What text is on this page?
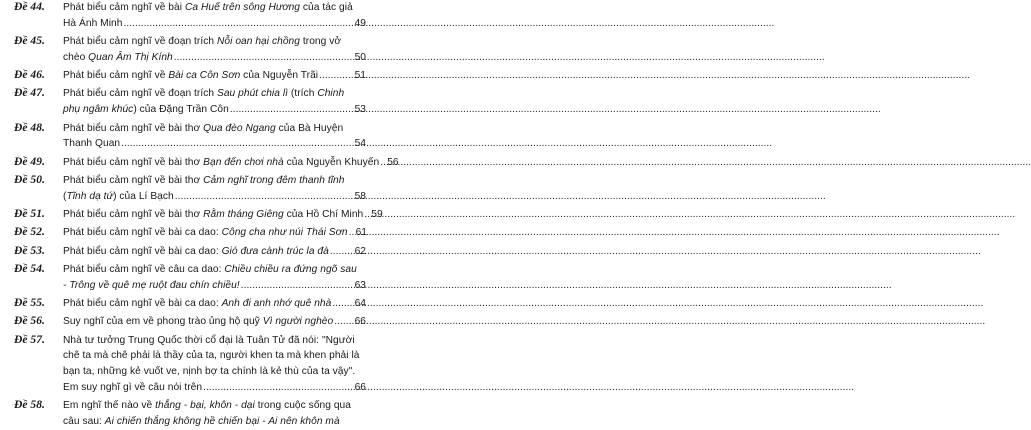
Đề 44. Phát biểu cảm nghĩ về bài Ca Huế trên sông Hương của tác giả
Hà Ánh Minh .....	49
Đề 45. Phát biểu cảm nghĩ về đoạn trích Nỗi oan hại chồng trong vở
chèo Quan Âm Thị Kính .....	50
Đề 46. Phát biểu cảm nghĩ về Bài ca Côn Sơn của Nguyễn Trãi .....	51
Đề 47. Phát biểu cảm nghĩ về đoạn trích Sau phút chia lì (trích Chinh
phụ ngâm khúc) của Đặng Trần Côn .....	53
Đề 48. Phát biểu cảm nghĩ về bài thơ Qua đèo Ngang của Bà Huyện
Thanh Quan .....	54
Đề 49. Phát biểu cảm nghĩ về bài thơ Bạn đến chơi nhà của Nguyễn Khuyến ..... 56
Đề 50. Phát biểu cảm nghĩ về bài thơ Cảm nghĩ trong đêm thanh tĩnh
(Tĩnh dạ tứ) của Lí Bạch .....	58
Đề 51. Phát biểu cảm nghĩ về bài thơ Rằm tháng Giêng của Hồ Chí Minh ..... 59
Đề 52. Phát biểu cảm nghĩ về bài ca dao: Công cha như núi Thái Sơn ..... 61
Đề 53. Phát biểu cảm nghĩ về bài ca dao: Gió đưa cành trúc la đà .....	62
Đề 54. Phát biểu cảm nghĩ về câu ca dao: Chiều chiều ra đứng ngõ sau
- Trông về quê mẹ ruột đau chín chiều! .....	63
Đề 55. Phát biểu cảm nghĩ về bài ca dao: Anh đi anh nhớ quê nhà ..... 64
Đề 56. Suy nghĩ của em về phong trào ủng hộ quỹ Vì người nghèo ..... 66
Đề 57. Nhà tư tưởng Trung Quốc thời cổ đại là Tuân Tử đã nói: "Người
chê ta mà chê phải là thầy của ta, người khen ta mà khen phải là
bạn ta, những kẻ vuốt ve, nịnh bợ ta chính là kẻ thù của ta vậy".
Em suy nghĩ gì về câu nói trên .....	66
Đề 58. Em nghĩ thế nào về thẳng - bại, khôn - dại trong cuộc sống qua
câu sau: Ai chiến thắng không hề chiến bại - Ai nên khôn mà
